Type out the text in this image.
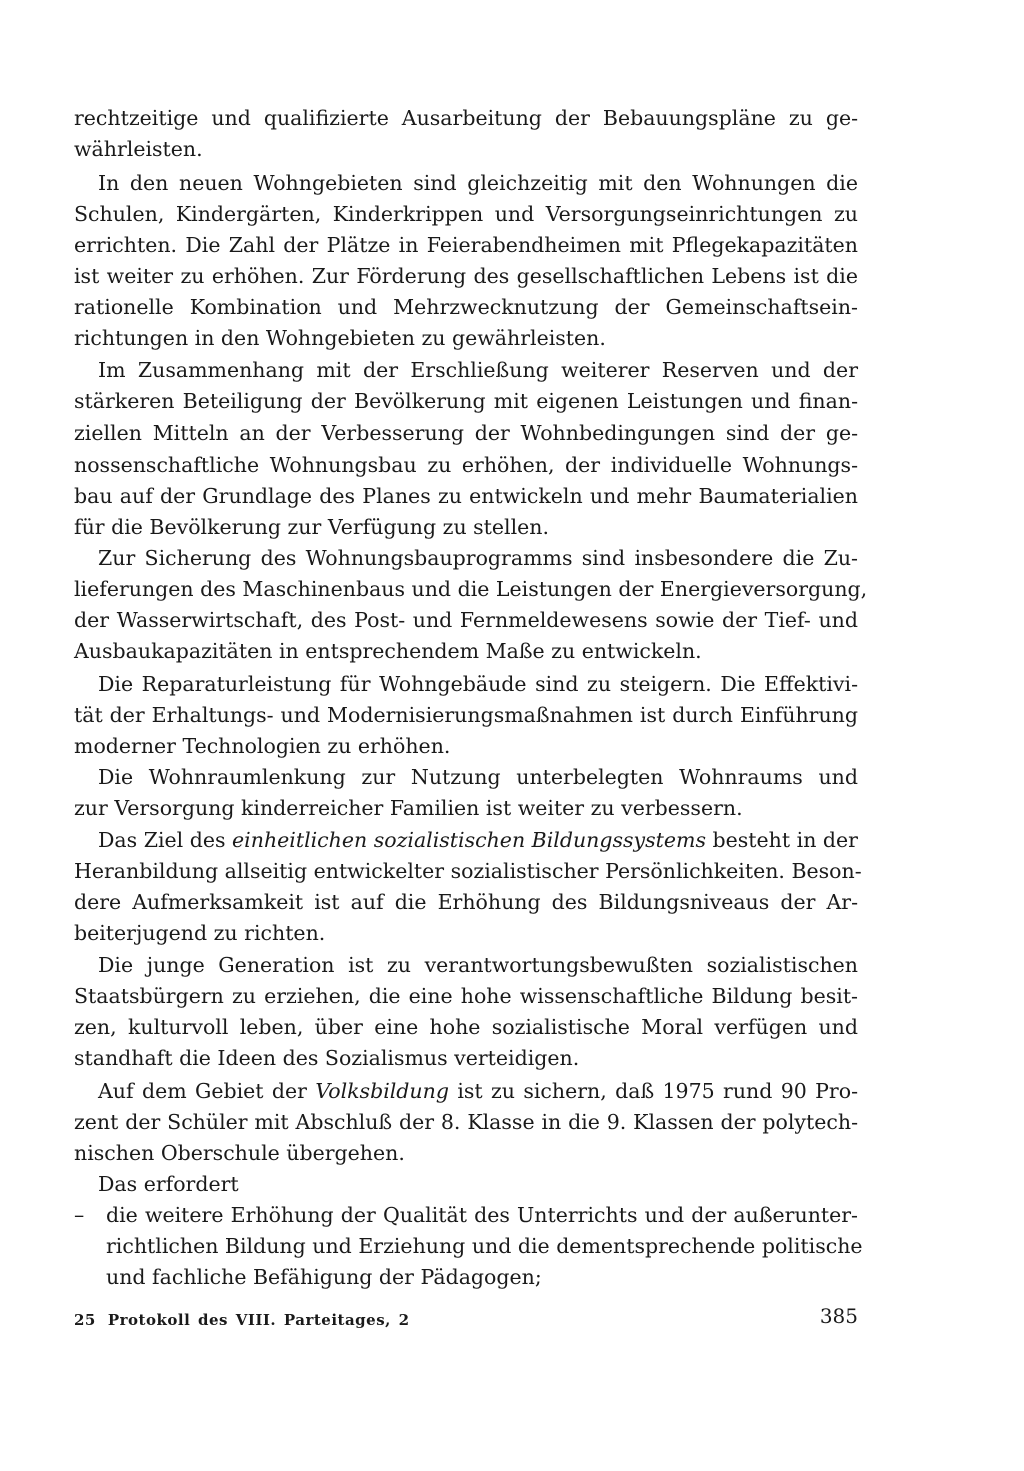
rechtzeitige und qualifizierte Ausarbeitung der Bebauungspläne zu ge-
währleisten.
In den neuen Wohngebieten sind gleichzeitig mit den Wohnungen die
Schulen, Kindergärten, Kinderkrippen und Versorgungseinrichtungen zu
errichten. Die Zahl der Plätze in Feierabendheimen mit Pflegekapazitäten
ist weiter zu erhöhen. Zur Förderung des gesellschaftlichen Lebens ist die
rationelle Kombination und Mehrzwecknutzung der Gemeinschaftsein-
richtungen in den Wohngebieten zu gewährleisten.
Im Zusammenhang mit der Erschließung weiterer Reserven und der
stärkeren Beteiligung der Bevölkerung mit eigenen Leistungen und finan-
ziellen Mitteln an der Verbesserung der Wohnbedingungen sind der ge-
nossenschaftliche Wohnungsbau zu erhöhen, der individuelle Wohnungs-
bau auf der Grundlage des Planes zu entwickeln und mehr Baumaterialien
für die Bevölkerung zur Verfügung zu stellen.
Zur Sicherung des Wohnungsbauprogramms sind insbesondere die Zu-
lieferungen des Maschinenbaus und die Leistungen der Energieversorgung,
der Wasserwirtschaft, des Post- und Fernmeldewesens sowie der Tief- und
Ausbaukapazitäten in entsprechendem Maße zu entwickeln.
Die Reparaturleistung für Wohngebäude sind zu steigern. Die Effektivi-
tät der Erhaltungs- und Modernisierungsmaßnahmen ist durch Einführung
moderner Technologien zu erhöhen.
Die Wohnraumlenkung zur Nutzung unterbelegten Wohnraums und
zur Versorgung kinderreicher Familien ist weiter zu verbessern.
Das Ziel des einheitlichen sozialistischen Bildungssystems besteht in der
Heranbildung allseitig entwickelter sozialistischer Persönlichkeiten. Beson-
dere Aufmerksamkeit ist auf die Erhöhung des Bildungsniveaus der Ar-
beiterjugend zu richten.
Die junge Generation ist zu verantwortungsbewußten sozialistischen
Staatsbürgern zu erziehen, die eine hohe wissenschaftliche Bildung besit-
zen, kulturvoll leben, über eine hohe sozialistische Moral verfügen und
standhaft die Ideen des Sozialismus verteidigen.
Auf dem Gebiet der Volksbildung ist zu sichern, daß 1975 rund 90 Pro-
zent der Schüler mit Abschluß der 8. Klasse in die 9. Klassen der polytech-
nischen Oberschule übergehen.
Das erfordert
– die weitere Erhöhung der Qualität des Unterrichts und der außerunter-
richtlichen Bildung und Erziehung und die dementsprechende politische
und fachliche Befähigung der Pädagogen;
25 Protokoll des VIII. Parteitages, 2	385
